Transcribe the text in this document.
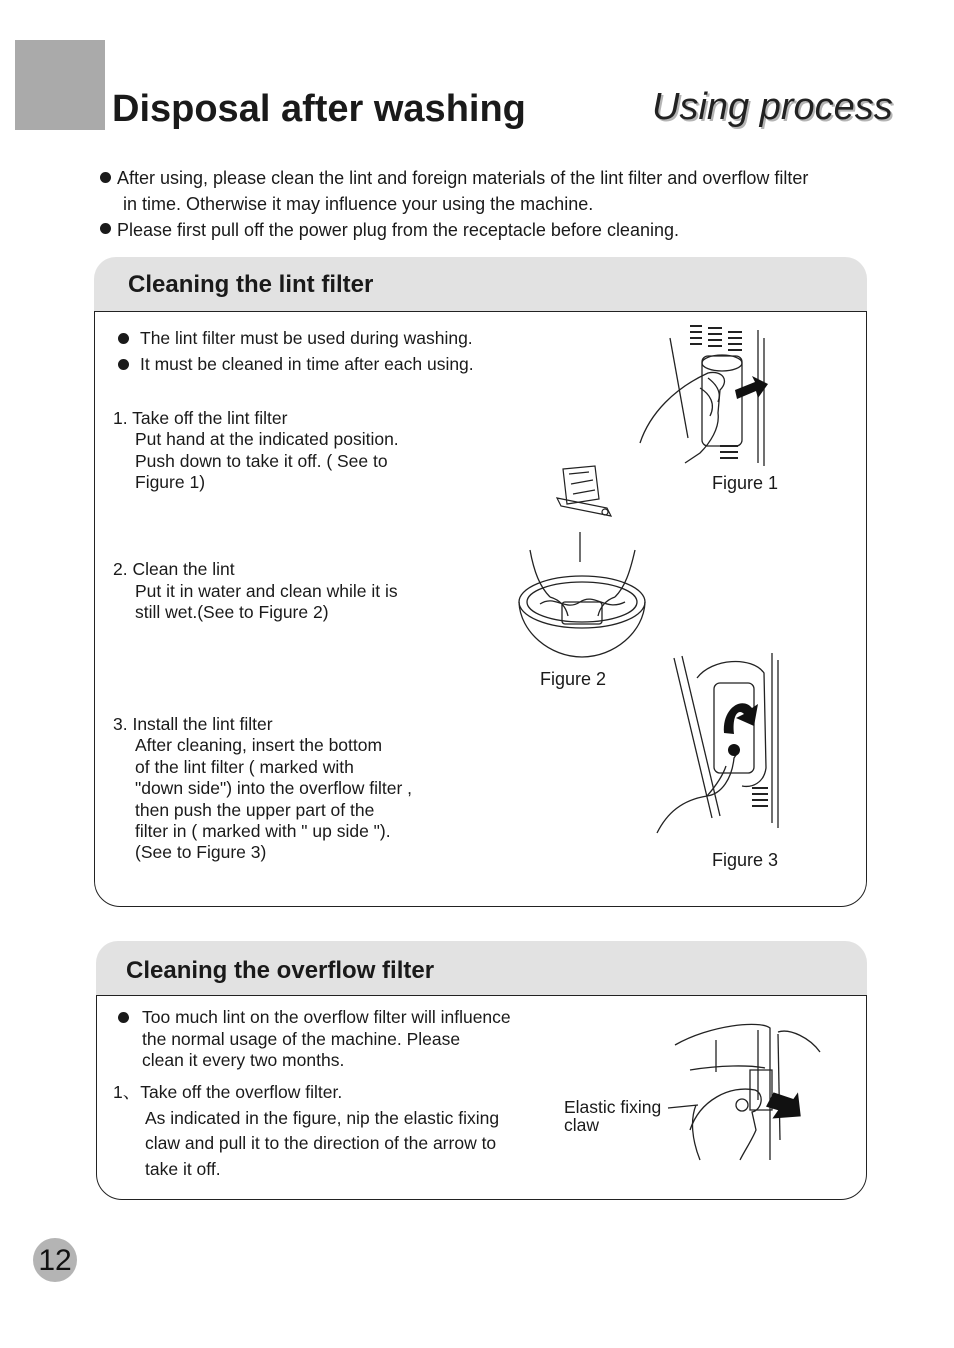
Disposal after washing	Using process
After using, please clean the lint and foreign materials of the lint filter and overflow filter
in time. Otherwise it may influence your using the machine.
Please first pull off the power plug from the receptacle before cleaning.
Cleaning the lint filter
The lint filter must be used during washing.
It must be cleaned in time after each using.
1. Take off the lint filter
Put hand at the indicated position.
Push down to take it off. ( See to
Figure 1)
2. Clean the lint
Put it in water and clean while it is
still wet.(See to Figure 2)
3. Install the lint filter
After cleaning, insert the bottom
of the lint filter ( marked with
"down side") into the overflow filter ,
then push the upper part of the
filter in ( marked with " up side ").
(See to Figure 3)
Figure 1
Figure 2
Figure 3
Cleaning the overflow filter
Too much lint on the overflow filter will influence
the normal usage of the machine. Please
clean it every two months.
1、Take off the overflow filter.
As indicated in the figure, nip the elastic fixing
claw and pull it to the direction of the arrow to
take it off.
Elastic fixing
claw
12
